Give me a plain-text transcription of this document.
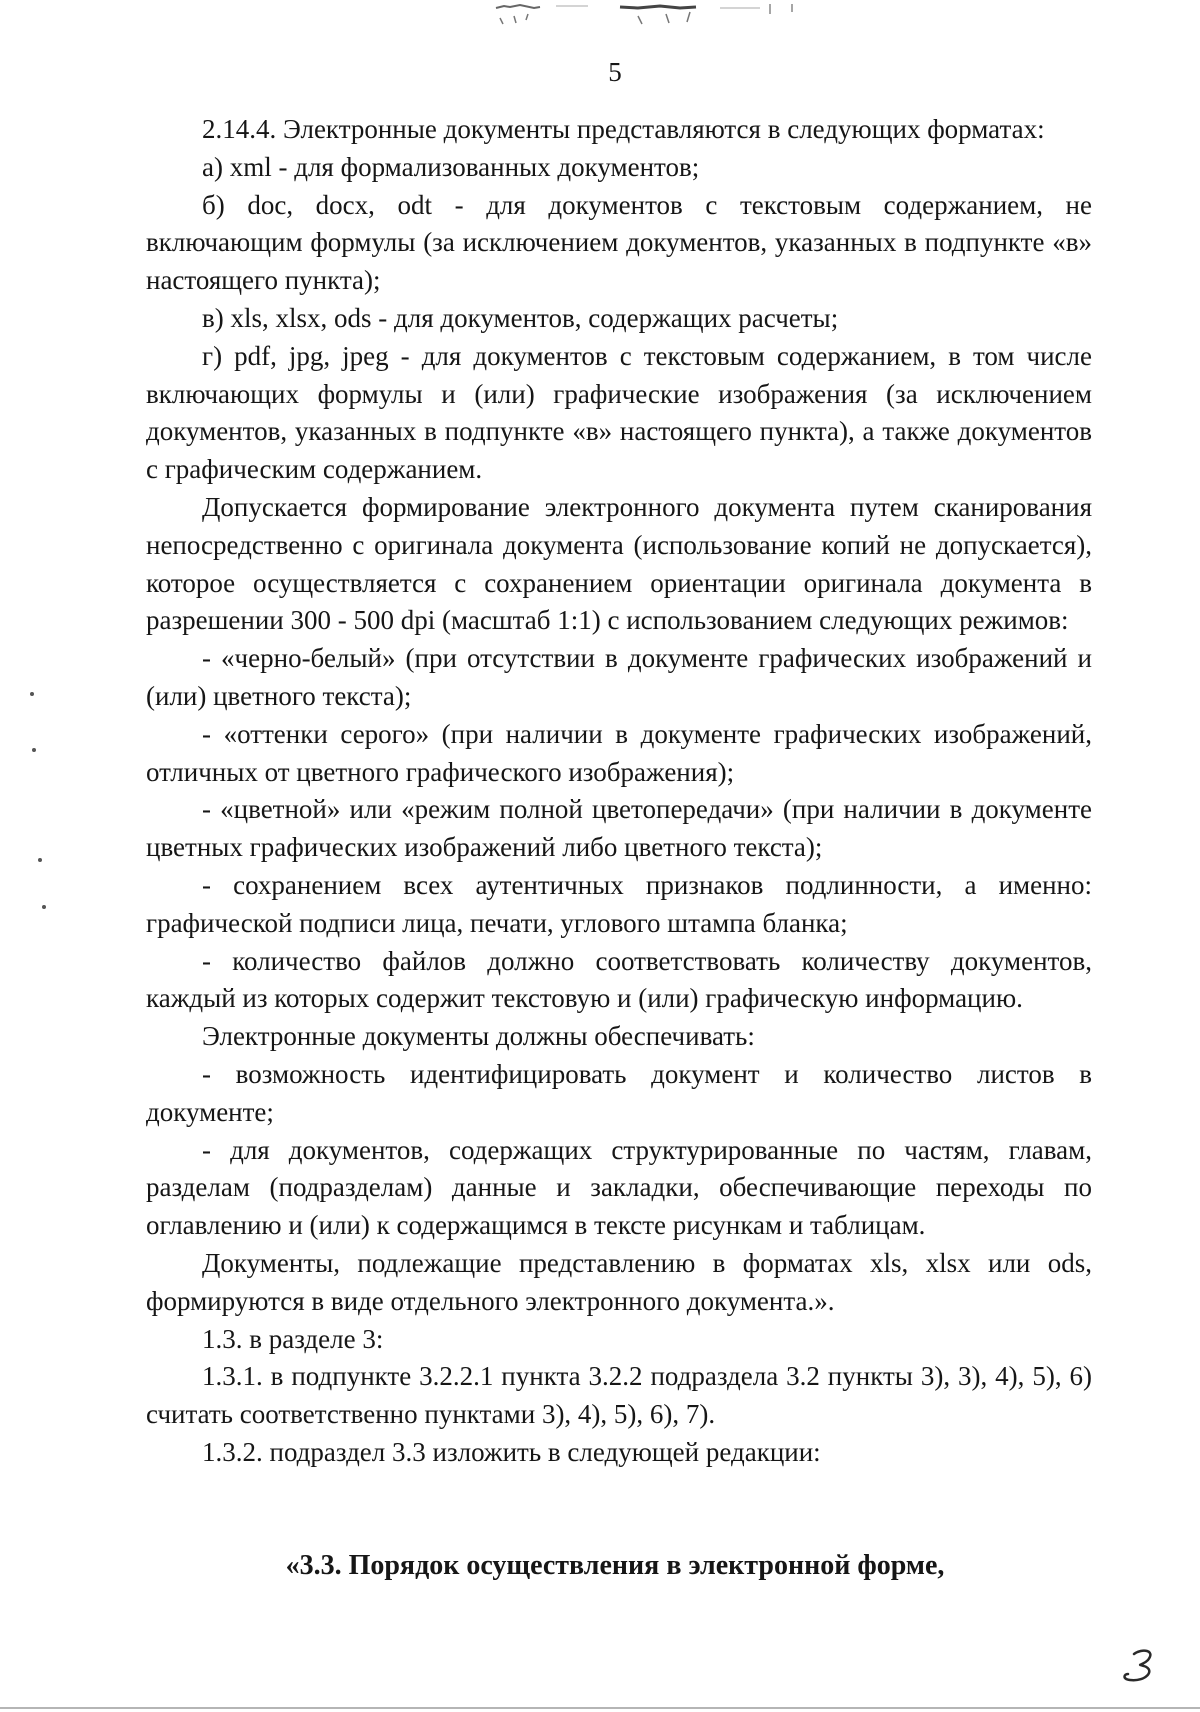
5

2.14.4. Электронные документы представляются в следующих форматах:

а) xml - для формализованных документов;

б) doc, docx, odt - для документов с текстовым содержанием, не включающим формулы (за исключением документов, указанных в подпункте «в» настоящего пункта);

в) xls, xlsx, ods - для документов, содержащих расчеты;

г) pdf, jpg, jpeg - для документов с текстовым содержанием, в том числе включающих формулы и (или) графические изображения (за исключением документов, указанных в подпункте «в» настоящего пункта), а также документов с графическим содержанием.

Допускается формирование электронного документа путем сканирования непосредственно с оригинала документа (использование копий не допускается), которое осуществляется с сохранением ориентации оригинала документа в разрешении 300 - 500 dpi (масштаб 1:1) с использованием следующих режимов:

- «черно-белый» (при отсутствии в документе графических изображений и (или) цветного текста);

- «оттенки серого» (при наличии в документе графических изображений, отличных от цветного графического изображения);

- «цветной» или «режим полной цветопередачи» (при наличии в документе цветных графических изображений либо цветного текста);

- сохранением всех аутентичных признаков подлинности, а именно: графической подписи лица, печати, углового штампа бланка;

- количество файлов должно соответствовать количеству документов, каждый из которых содержит текстовую и (или) графическую информацию.

Электронные документы должны обеспечивать:

- возможность идентифицировать документ и количество листов в документе;

- для документов, содержащих структурированные по частям, главам, разделам (подразделам) данные и закладки, обеспечивающие переходы по оглавлению и (или) к содержащимся в тексте рисункам и таблицам.

Документы, подлежащие представлению в форматах xls, xlsx или ods, формируются в виде отдельного электронного документа.».

1.3. в разделе 3:

1.3.1. в подпункте 3.2.2.1 пункта 3.2.2 подраздела 3.2 пункты 3), 3), 4), 5), 6) считать соответственно пунктами 3), 4), 5), 6), 7).

1.3.2. подраздел 3.3 изложить в следующей редакции:

«3.3. Порядок осуществления в электронной форме,
